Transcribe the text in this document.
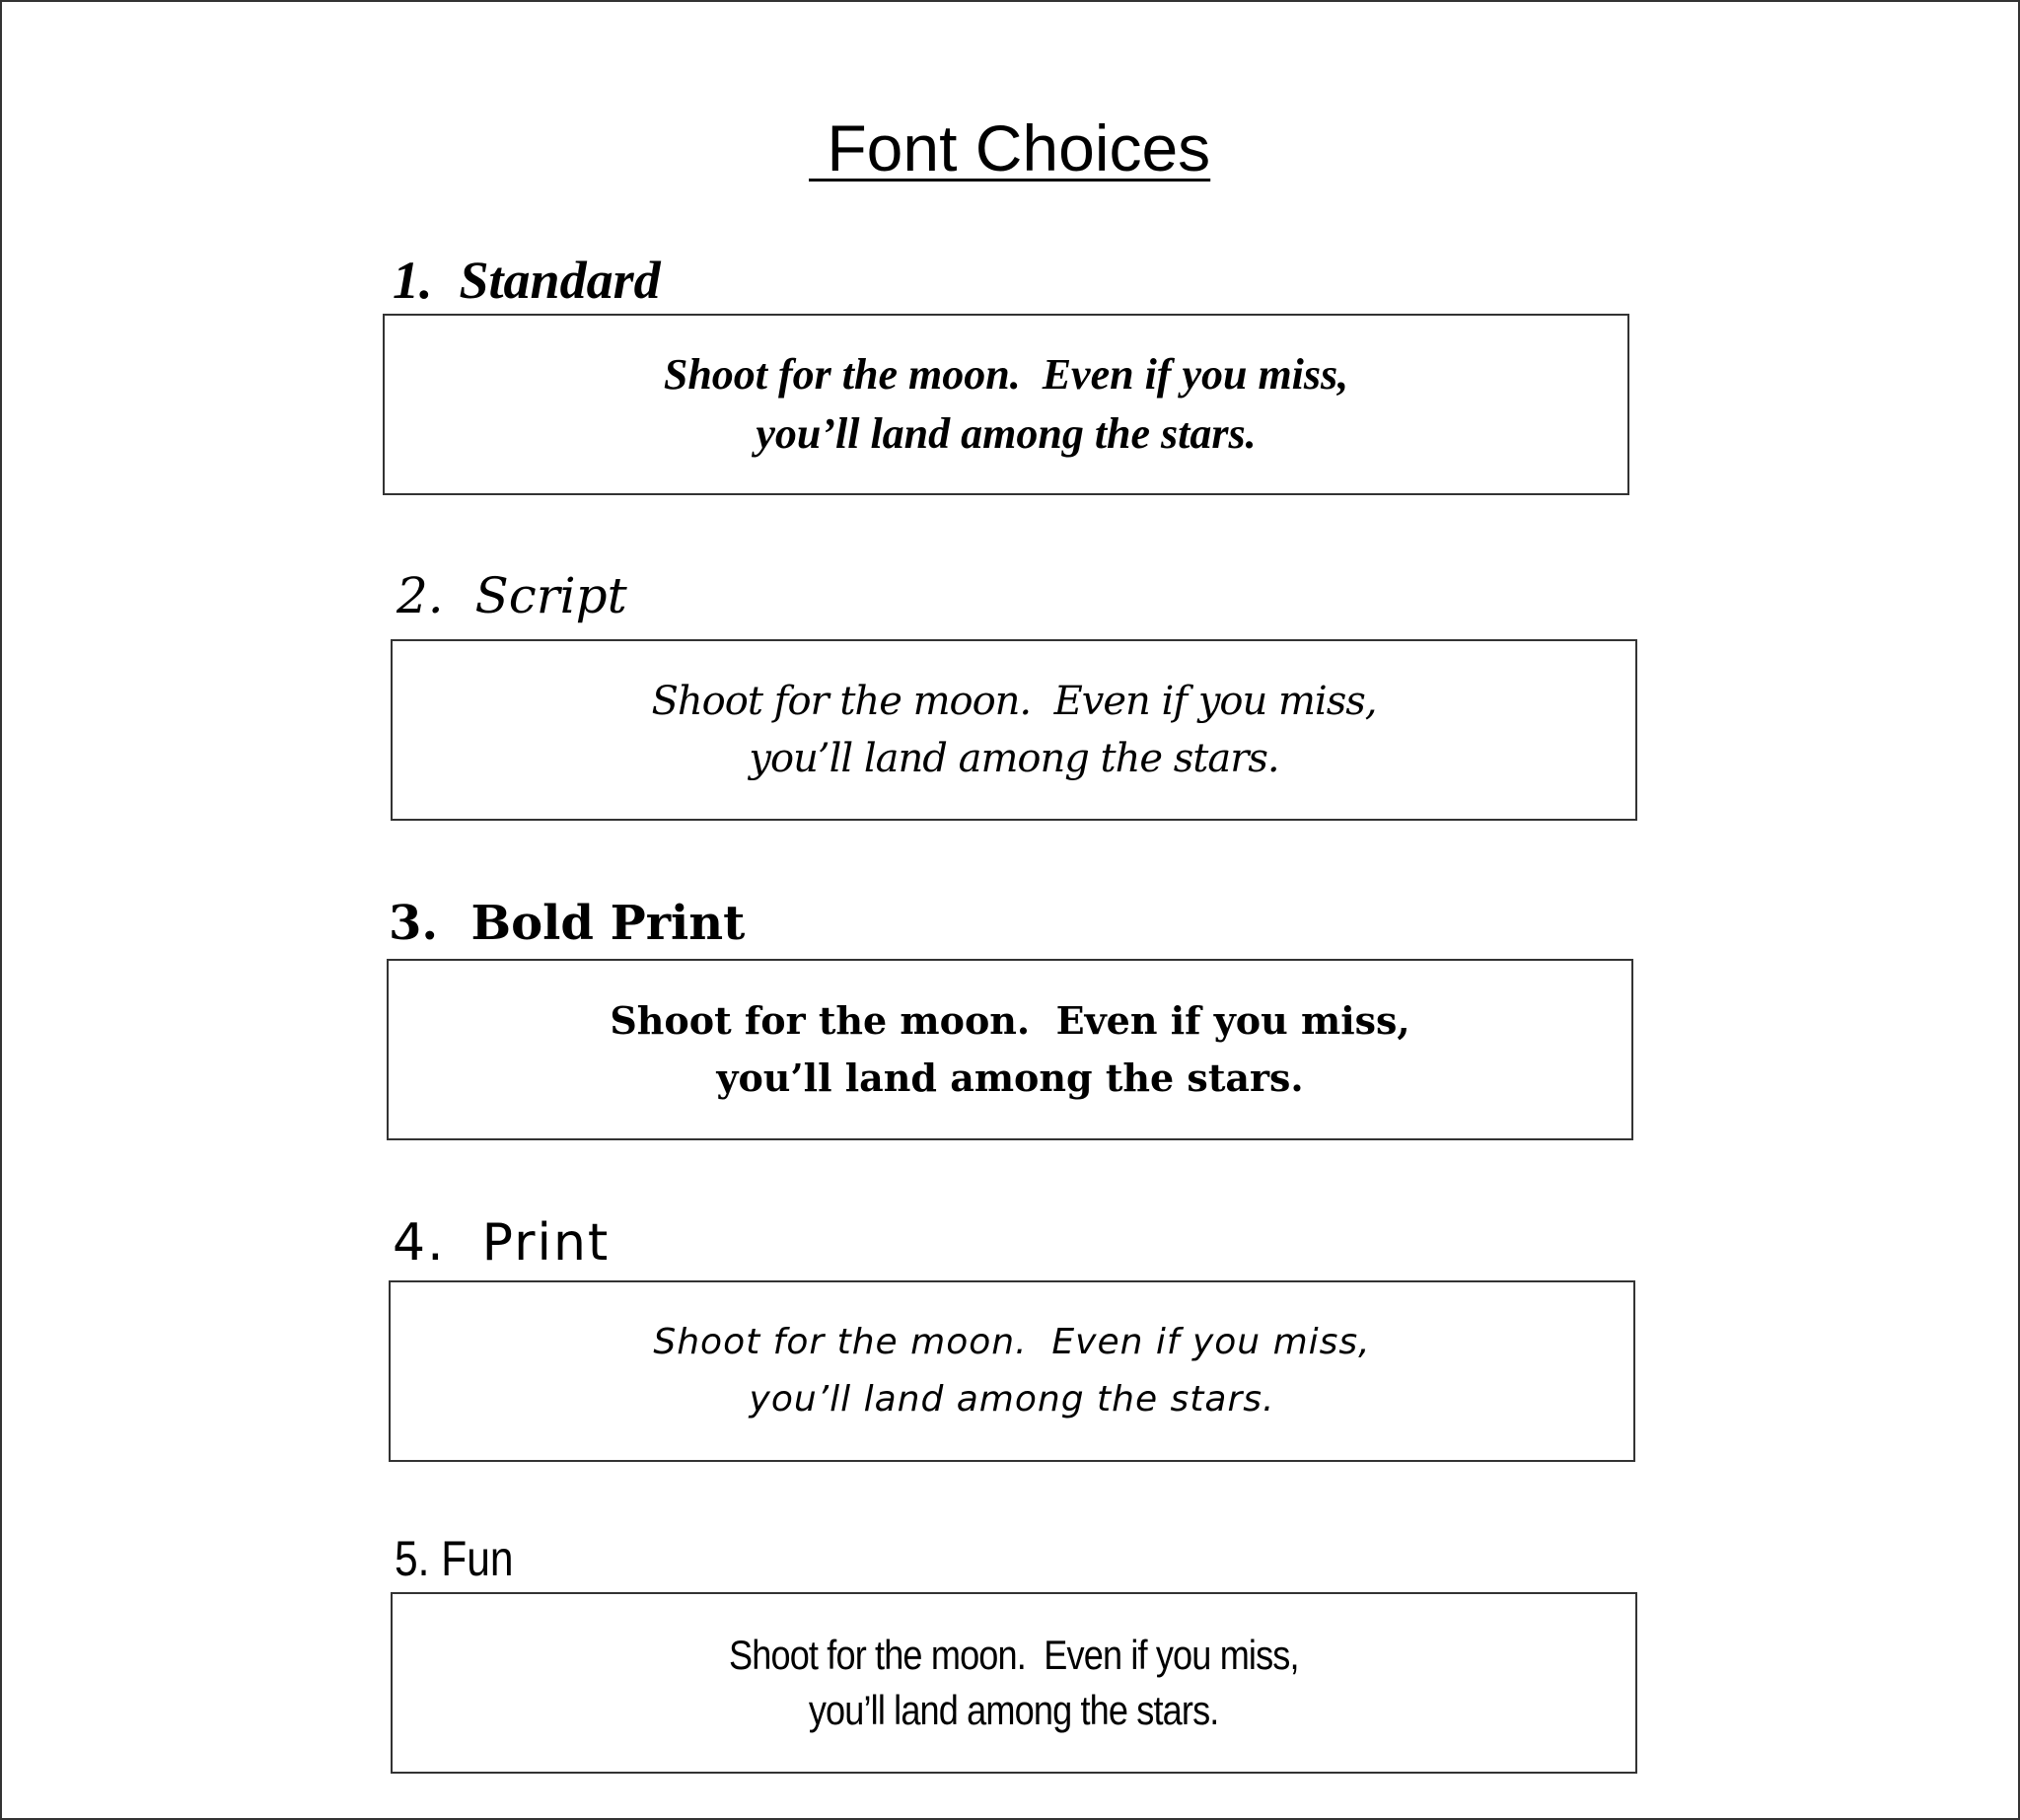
Font Choices
1.  Standard

Shoot for the moon.  Even if you miss,

you’ll land among the stars.

2.  Script

Shoot for the moon.  Even if you miss,

you’ll land among the stars.

3.  Bold Print

Shoot for the moon.  Even if you miss,

you’ll land among the stars.

4.  Print

Shoot for the moon.  Even if you miss,

you’ll land among the stars.

5. Fun

Shoot for the moon.  Even if you miss,

you’ll land among the stars.
